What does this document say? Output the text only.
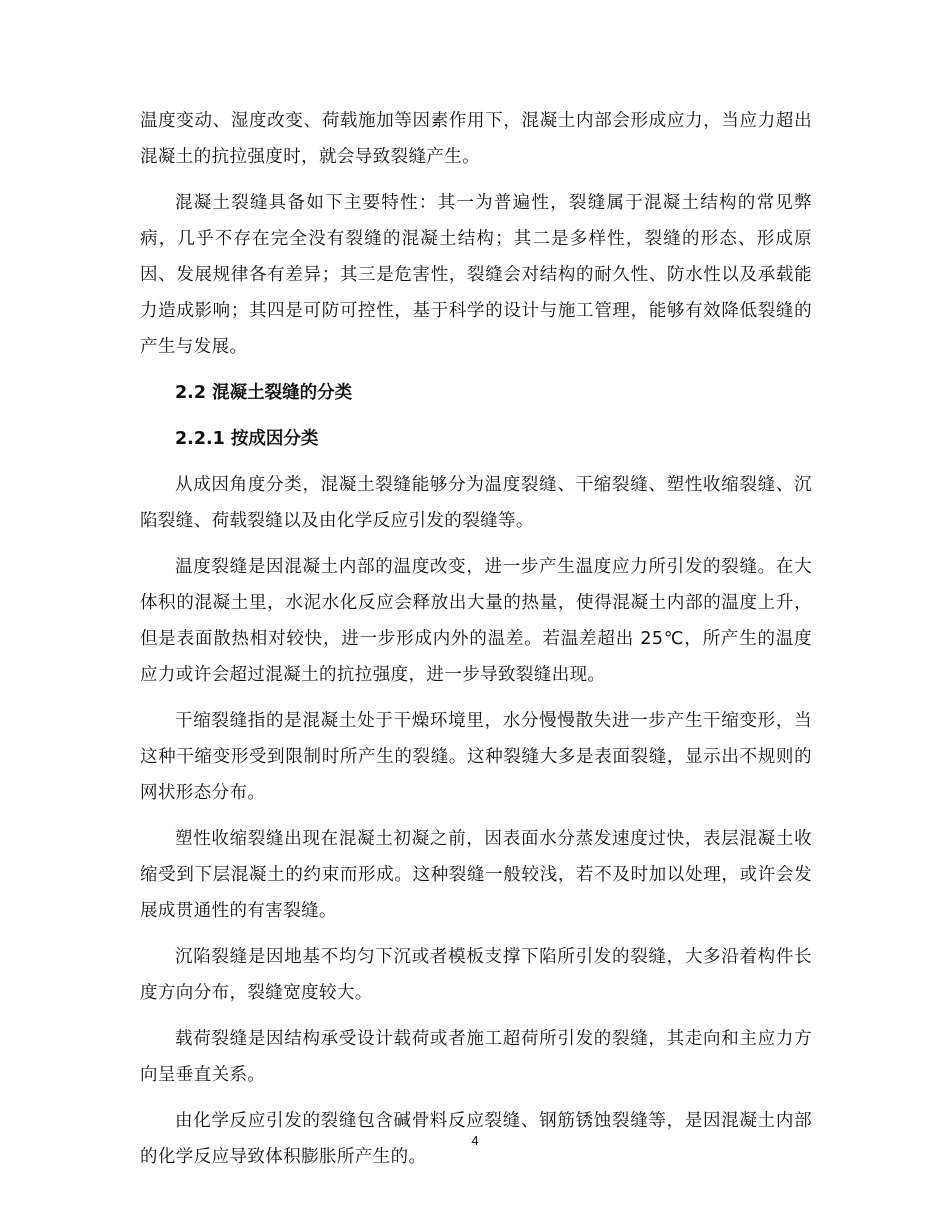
温度变动、湿度改变、荷载施加等因素作用下，混凝土内部会形成应力，当应力超出混凝土的抗拉强度时，就会导致裂缝产生。

混凝土裂缝具备如下主要特性：其一为普遍性，裂缝属于混凝土结构的常见弊病，几乎不存在完全没有裂缝的混凝土结构；其二是多样性，裂缝的形态、形成原因、发展规律各有差异；其三是危害性，裂缝会对结构的耐久性、防水性以及承载能力造成影响；其四是可防可控性，基于科学的设计与施工管理，能够有效降低裂缝的产生与发展。

2.2 混凝土裂缝的分类
2.2.1 按成因分类

从成因角度分类，混凝土裂缝能够分为温度裂缝、干缩裂缝、塑性收缩裂缝、沉陷裂缝、荷载裂缝以及由化学反应引发的裂缝等。

温度裂缝是因混凝土内部的温度改变，进一步产生温度应力所引发的裂缝。在大体积的混凝土里，水泥水化反应会释放出大量的热量，使得混凝土内部的温度上升，但是表面散热相对较快，进一步形成内外的温差。若温差超出 25℃，所产生的温度应力或许会超过混凝土的抗拉强度，进一步导致裂缝出现。

干缩裂缝指的是混凝土处于干燥环境里，水分慢慢散失进一步产生干缩变形，当这种干缩变形受到限制时所产生的裂缝。这种裂缝大多是表面裂缝，显示出不规则的网状形态分布。

塑性收缩裂缝出现在混凝土初凝之前，因表面水分蒸发速度过快，表层混凝土收缩受到下层混凝土的约束而形成。这种裂缝一般较浅，若不及时加以处理，或许会发展成贯通性的有害裂缝。

沉陷裂缝是因地基不均匀下沉或者模板支撑下陷所引发的裂缝，大多沿着构件长度方向分布，裂缝宽度较大。

载荷裂缝是因结构承受设计载荷或者施工超荷所引发的裂缝，其走向和主应力方向呈垂直关系。

由化学反应引发的裂缝包含碱骨料反应裂缝、钢筋锈蚀裂缝等，是因混凝土内部的化学反应导致体积膨胀所产生的。

4
